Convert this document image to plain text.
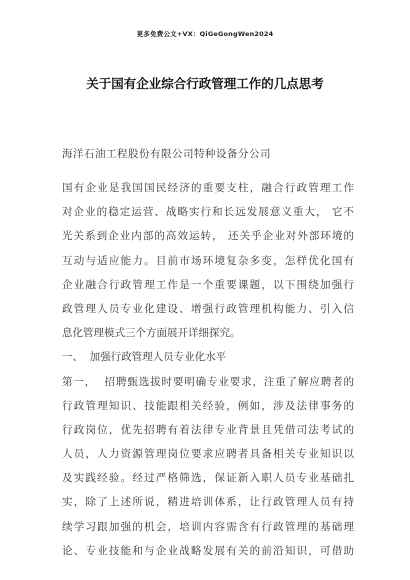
更多免费公文+VX：QiGeGongWen2024
关于国有企业综合行政管理工作的几点思考
海洋石油工程股份有限公司特种设备分公司
国有企业是我国国民经济的重要支柱，融合行政管理工作
对企业的稳定运营、战略实行和长远发展意义重大， 它不
光关系到企业内部的高效运转， 还关乎企业对外部环境的
互动与适应能力。目前市场环境复杂多变，怎样优化国有
企业融合行政管理工作是一个重要课题，以下围绕加强行
政管理人员专业化建设、增强行政管理机构能力、引入信
息化管理模式三个方面展开详细探究。
一、  加强行政管理人员专业化水平
第一，  招聘甄选拔时要明确专业要求，注重了解应聘者的
行政管理知识、技能跟相关经验，例如，涉及法律事务的
行政岗位，优先招聘有着法律专业背景且凭借司法考试的
人员，人力资源管理岗位要求应聘者具备相关专业知识以
及实践经验。经过严格筛选，保证新入职人员专业基础扎
实，除了上述所说，精进培训体系，让行政管理人员有持
续学习跟加强的机会，培训内容需含有行政管理的基础理
论、专业技能和与企业战略发展有关的前沿知识，可借助
